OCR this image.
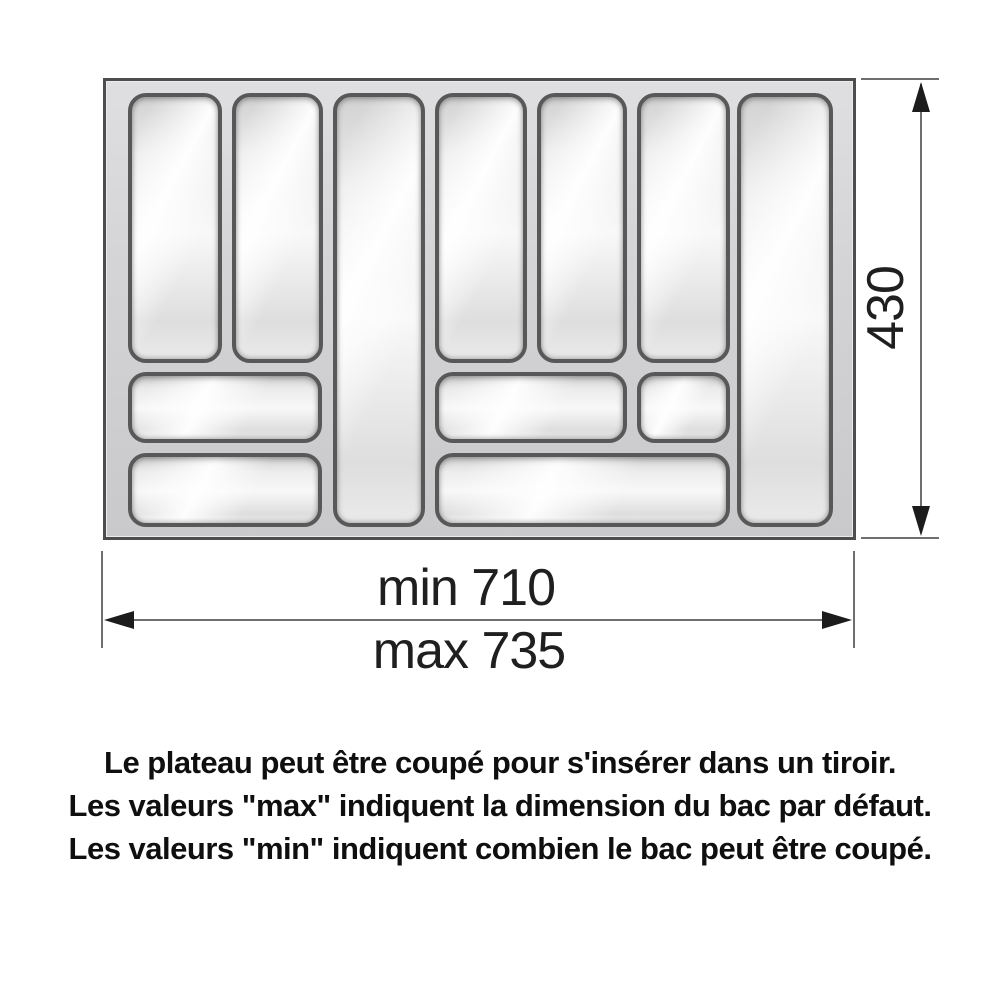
430
min 710
max 735
Le plateau peut être coupé pour s'insérer dans un tiroir.
Les valeurs "max" indiquent la dimension du bac par défaut.
Les valeurs "min" indiquent combien le bac peut être coupé.
